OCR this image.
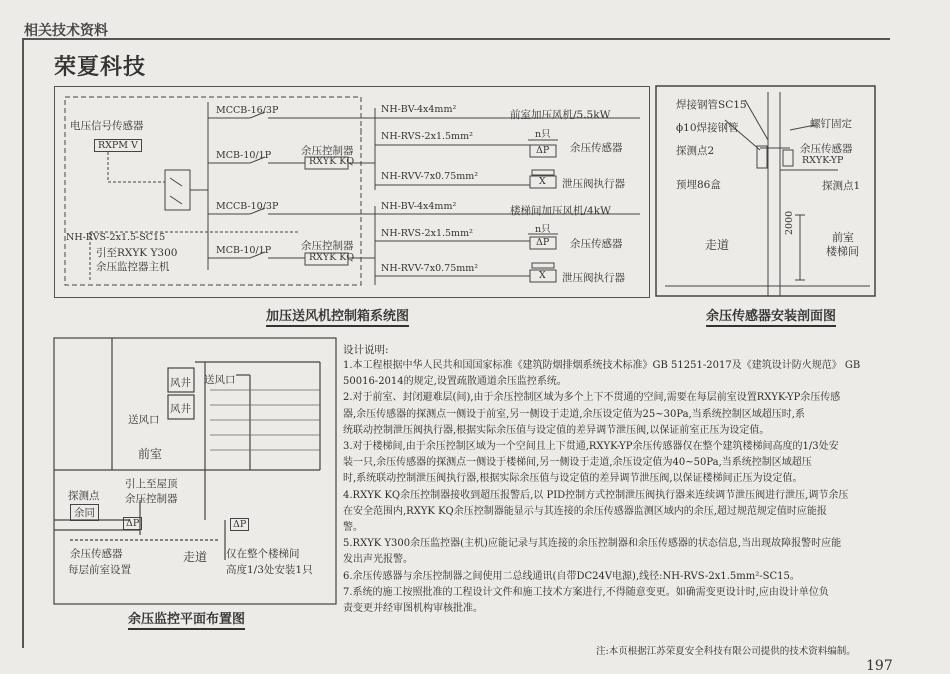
相关技术资料
荣夏科技
电压信号传感器
RXPM V
NH-RVS-2x1.5-SC15
引至RXYK Y300
余压监控器主机
MCCB-16/3P
MCB-10/1P
MCCB-10/3P
MCB-10/1P
余压控制器
RXYK KQ
余压控制器
RXYK KQ
NH-BV-4x4mm²
NH-RVS-2x1.5mm²
NH-RVV-7x0.75mm²
NH-BV-4x4mm²
NH-RVS-2x1.5mm²
NH-RVV-7x0.75mm²
前室加压风机/5.5kW
楼梯间加压风机/4kW
n只
ΔP 余压传感器
X 泄压阀执行器
n只
ΔP 余压传感器
X 泄压阀执行器
加压送风机控制箱系统图
焊接钢管SC15
ϕ10焊接钢管
探测点2
预埋86盒
螺钉固定
余压传感器
RXYK-YP
探测点1
走道
前室
楼梯间
2000
余压传感器安装剖面图
风井
风井
送风口
送风口
前室
引上至屋顶
余压控制器
探测点
余同
ΔP	ΔP
余压传感器
每层前室设置
走道 仅在整个楼梯间
高度1/3处安装1只
余压监控平面布置图
设计说明:
1.本工程根据中华人民共和国国家标准《建筑防烟排烟系统技术标准》GB 51251-2017及《建筑设计防火规范》 GB
50016-2014的规定,设置疏散通道余压监控系统。
2.对于前室、封闭避难层(间),由于余压控制区域为多个上下不贯通的空间,需要在每层前室设置RXYK-YP余压传感
器,余压传感器的探测点一侧设于前室,另一侧设于走道,余压设定值为25~30Pa,当系统控制区域超压时,系
统联动控制泄压阀执行器,根据实际余压值与设定值的差异调节泄压阀,以保证前室正压为设定值。
3.对于楼梯间,由于余压控制区域为一个空间且上下贯通,RXYK-YP余压传感器仅在整个建筑楼梯间高度的1/3处安
装一只,余压传感器的探测点一侧设于楼梯间,另一侧设于走道,余压设定值为40~50Pa,当系统控制区域超压
时,系统联动控制泄压阀执行器,根据实际余压值与设定值的差异调节泄压阀,以保证楼梯间正压为设定值。
4.RXYK KQ余压控制器接收到超压报警后,以 PID控制方式控制泄压阀执行器来连续调节泄压阀进行泄压,调节余压
在安全范围内,RXYK KQ余压控制器能显示与其连接的余压传感器监测区域内的余压,超过规范规定值时应能报
警。
5.RXYK Y300余压监控器(主机)应能记录与其连接的余压控制器和余压传感器的状态信息,当出现故障报警时应能
发出声光报警。
6.余压传感器与余压控制器之间使用二总线通讯(自带DC24V电源),线径:NH-RVS-2x1.5mm²-SC15。
7.系统的施工按照批准的工程设计文件和施工技术方案进行,不得随意变更。如确需变更设计时,应由设计单位负
责变更并经审图机构审核批准。
注:本页根据江苏荣夏安全科技有限公司提供的技术资料编制。
197
